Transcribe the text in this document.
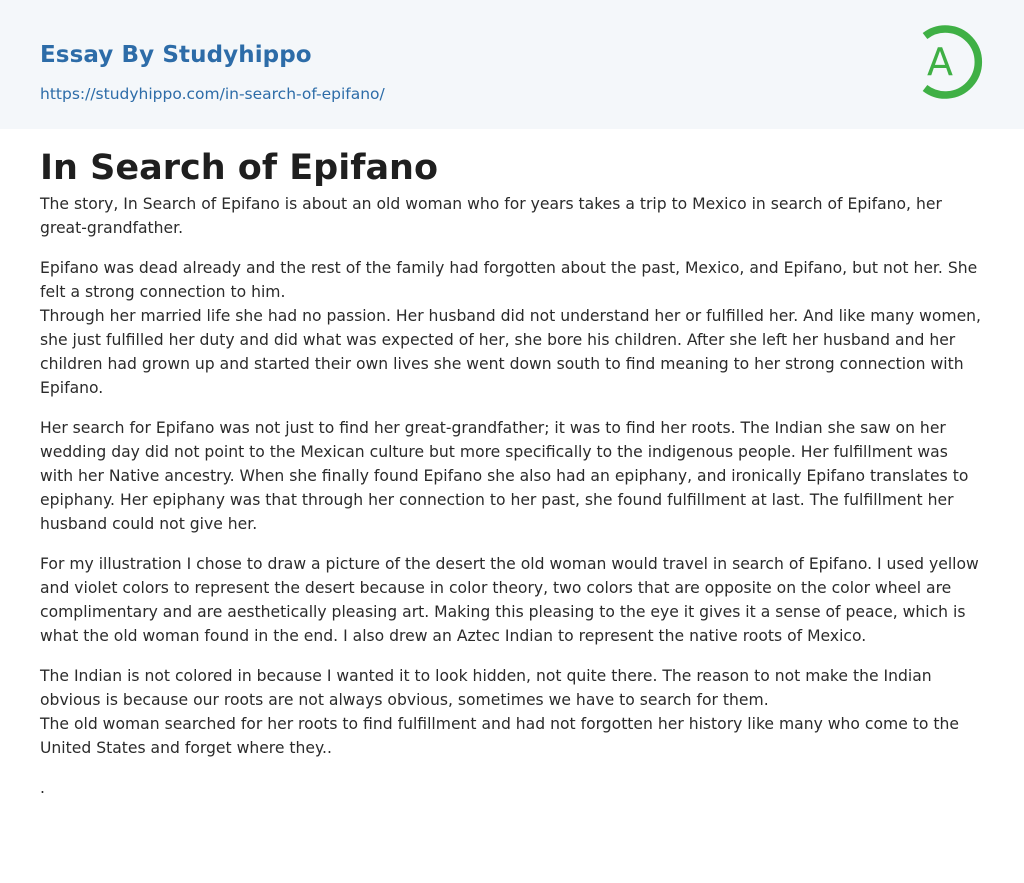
Essay By Studyhippo
https://studyhippo.com/in-search-of-epifano/
A
In Search of Epifano

The story, In Search of Epifano is about an old woman who for years takes a trip to Mexico in search of Epifano, her great-grandfather.

Epifano was dead already and the rest of the family had forgotten about the past, Mexico, and Epifano, but not her. She felt a strong connection to him.
Through her married life she had no passion. Her husband did not understand her or fulfilled her. And like many women, she just fulfilled her duty and did what was expected of her, she bore his children. After she left her husband and her children had grown up and started their own lives she went down south to find meaning to her strong connection with Epifano.

Her search for Epifano was not just to find her great-grandfather; it was to find her roots. The Indian she saw on her wedding day did not point to the Mexican culture but more specifically to the indigenous people. Her fulfillment was with her Native ancestry. When she finally found Epifano she also had an epiphany, and ironically Epifano translates to epiphany. Her epiphany was that through her connection to her past, she found fulfillment at last. The fulfillment her husband could not give her.

For my illustration I chose to draw a picture of the desert the old woman would travel in search of Epifano. I used yellow and violet colors to represent the desert because in color theory, two colors that are opposite on the color wheel are complimentary and are aesthetically pleasing art. Making this pleasing to the eye it gives it a sense of peace, which is what the old woman found in the end. I also drew an Aztec Indian to represent the native roots of Mexico.

The Indian is not colored in because I wanted it to look hidden, not quite there. The reason to not make the Indian obvious is because our roots are not always obvious, sometimes we have to search for them.
The old woman searched for her roots to find fulfillment and had not forgotten her history like many who come to the United States and forget where they..

.
